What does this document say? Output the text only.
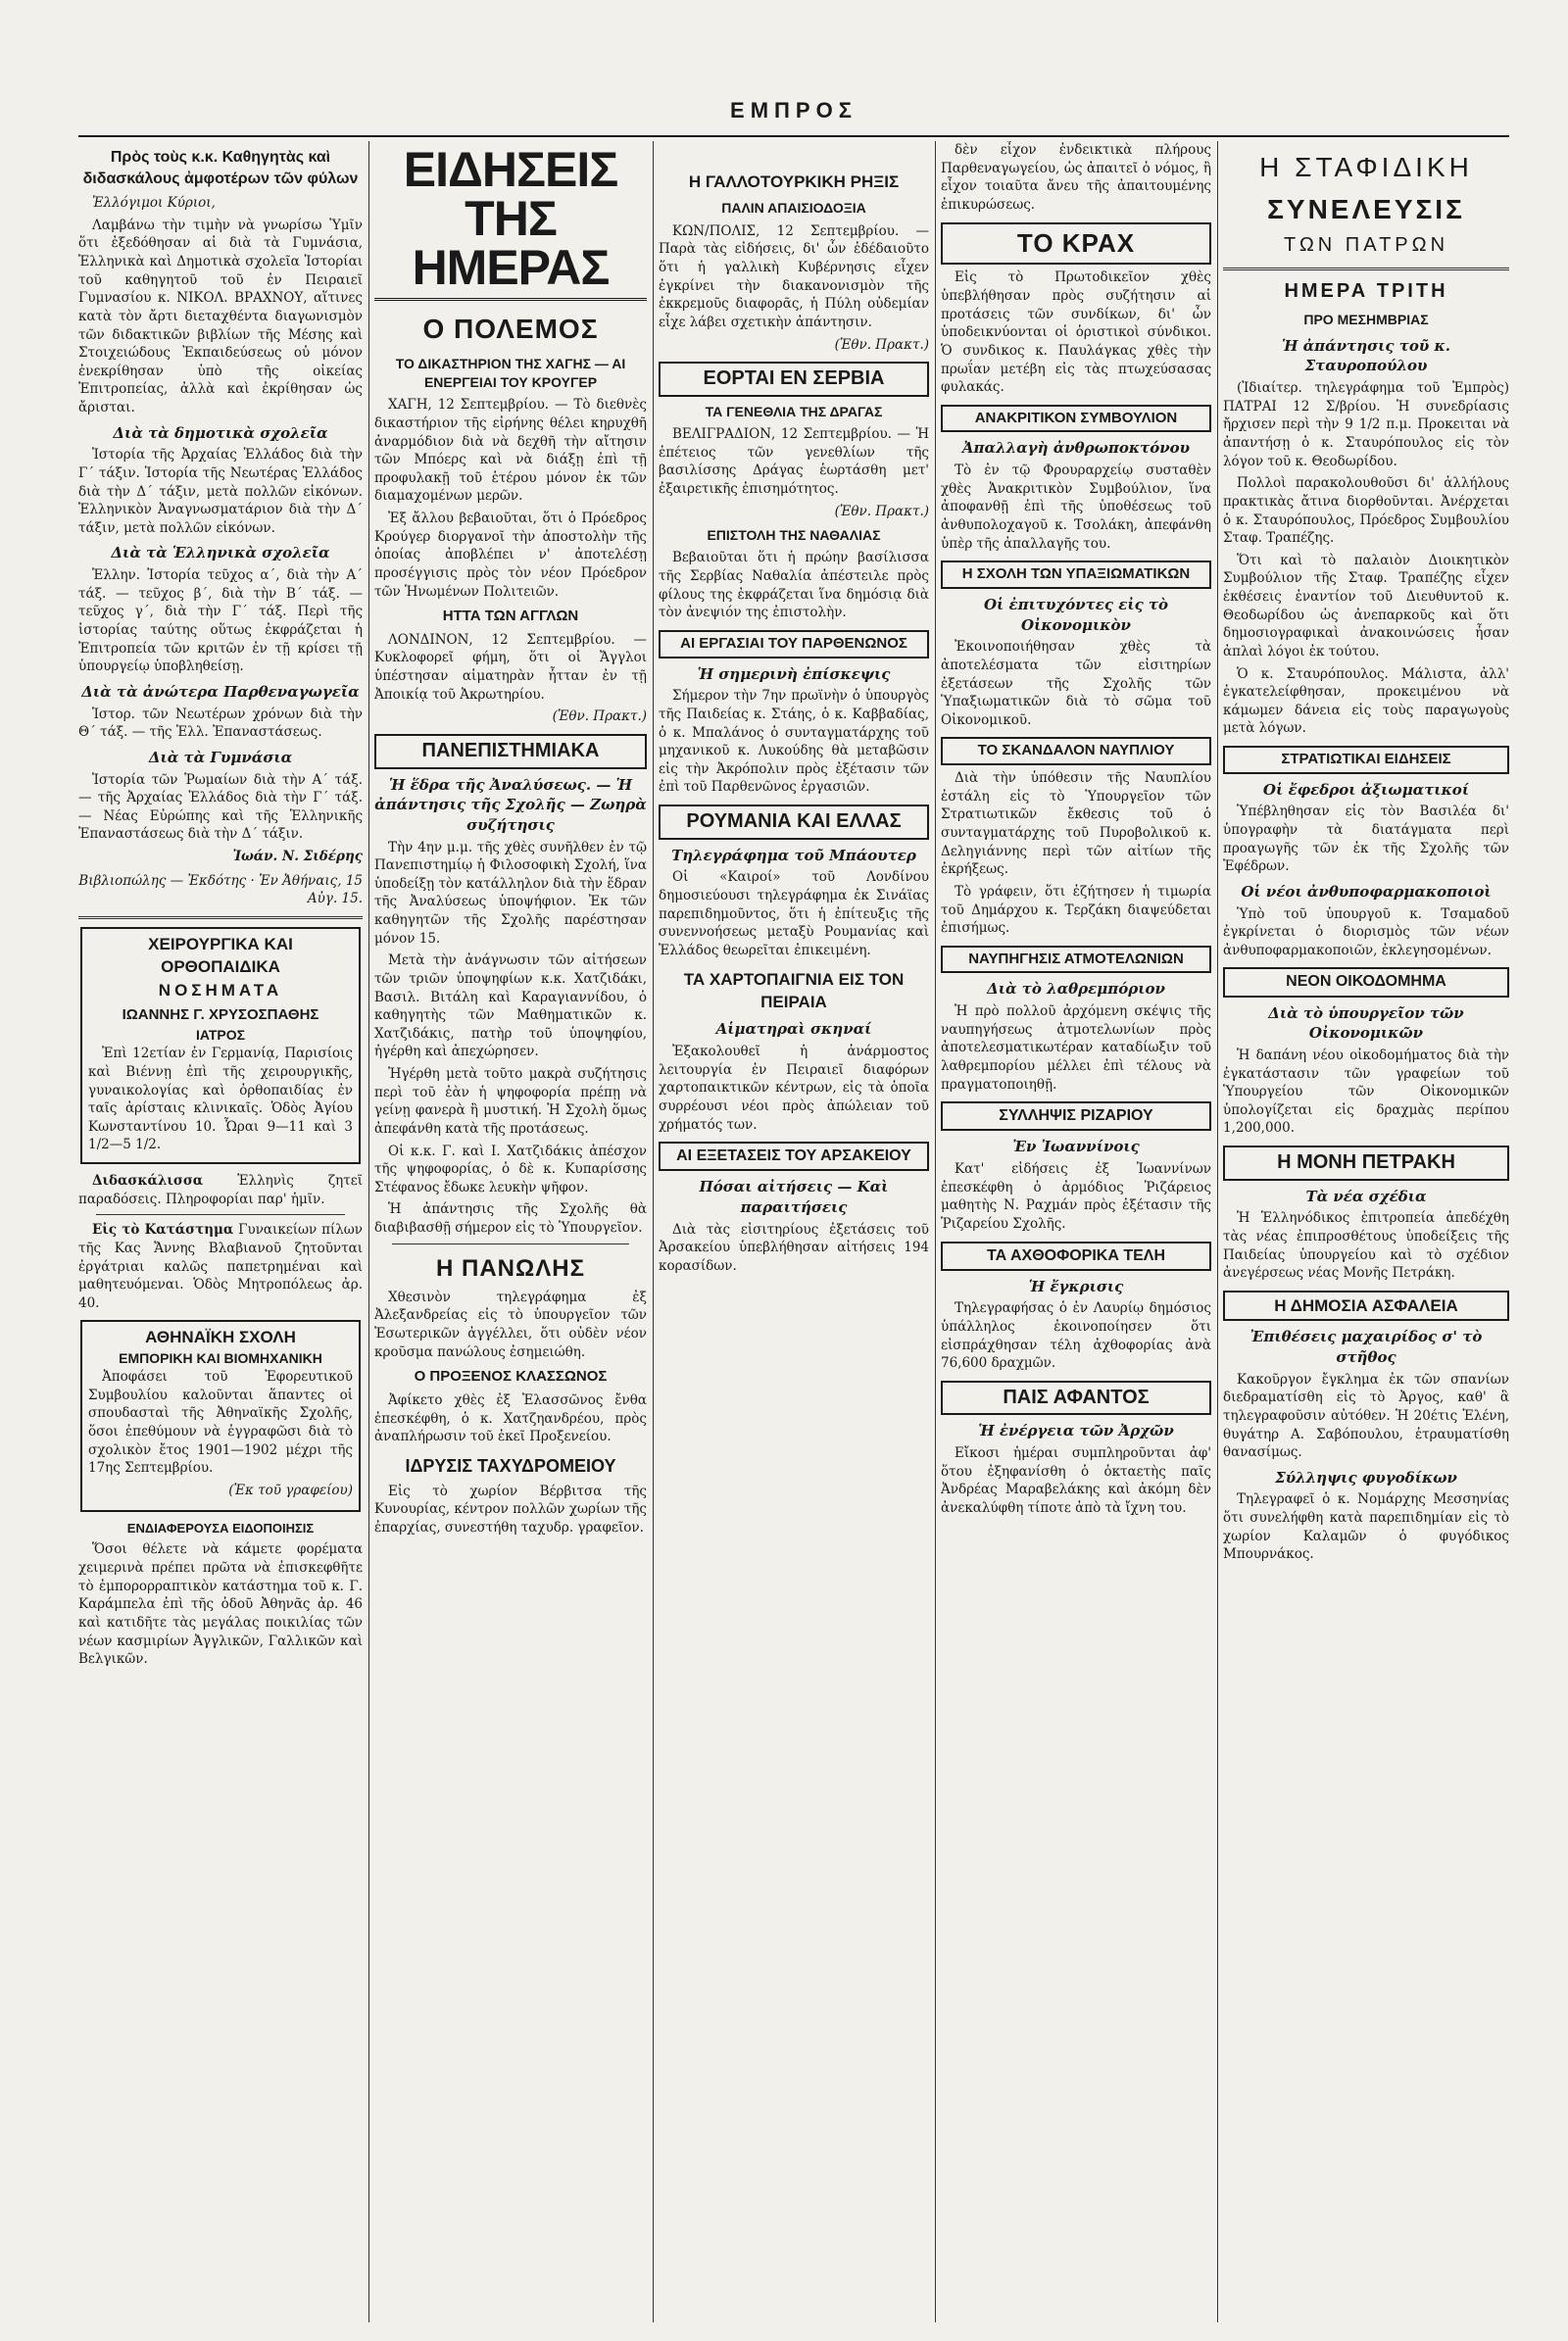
ΕΜΠΡΟΣ
Πρὸς τοὺς κ.κ. Καθηγητὰς καὶ διδασκάλους ἀμφοτέρων τῶν φύλων

Ἐλλόγιμοι Κύριοι,

Λαμβάνω τὴν τιμὴν νὰ γνωρίσω Ὑμῖν ὅτι ἐξεδόθησαν αἱ διὰ τὰ Γυμνάσια, Ἑλληνικὰ καὶ Δημοτικὰ σχολεῖα Ἱστορίαι τοῦ καθηγητοῦ τοῦ ἐν Πειραιεῖ Γυμνασίου κ. ΝΙΚΟΛ. ΒΡΑΧΝΟΥ, αἵτινες κατὰ τὸν ἄρτι διεταχθέντα διαγωνισμὸν τῶν διδακτικῶν βιβλίων τῆς Μέσης καὶ Στοιχειώδους Ἐκπαιδεύσεως οὐ μόνον ἐνεκρίθησαν ὑπὸ τῆς οἰκείας Ἐπιτροπείας, ἀλλὰ καὶ ἐκρίθησαν ὡς ἄρισται.

Διὰ τὰ δημοτικὰ σχολεῖα

Ἱστορία τῆς Ἀρχαίας Ἑλλάδος διὰ τὴν Γ΄ τάξιν. Ἱστορία τῆς Νεωτέρας Ἑλλάδος διὰ τὴν Δ΄ τάξιν, μετὰ πολλῶν εἰκόνων. Ἑλληνικὸν Ἀναγνωσματάριον διὰ τὴν Δ΄ τάξιν, μετὰ πολλῶν εἰκόνων.

Διὰ τὰ Ἑλληνικὰ σχολεῖα

Ἑλλην. Ἱστορία τεῦχος α΄, διὰ τὴν Α΄ τάξ. — τεῦχος β΄, διὰ τὴν Β΄ τάξ. — τεῦχος γ΄, διὰ τὴν Γ΄ τάξ. Περὶ τῆς ἱστορίας ταύτης οὕτως ἐκφράζεται ἡ Ἐπιτροπεία τῶν κριτῶν ἐν τῇ κρίσει τῇ ὑπουργείῳ ὑποβληθείσῃ.

Διὰ τὰ ἀνώτερα Παρθεναγωγεῖα

Ἱστορ. τῶν Νεωτέρων χρόνων διὰ τὴν Θ΄ τάξ. — τῆς Ἑλλ. Ἐπαναστάσεως.

Διὰ τὰ Γυμνάσια

Ἱστορία τῶν Ῥωμαίων διὰ τὴν Α΄ τάξ. — τῆς Ἀρχαίας Ἑλλάδος διὰ τὴν Γ΄ τάξ. — Νέας Εὐρώπης καὶ τῆς Ἑλληνικῆς Ἐπαναστάσεως διὰ τὴν Δ΄ τάξιν.

Ἰωάν. Ν. Σιδέρης
Βιβλιοπώλης — Ἐκδότης · Ἐν Ἀθήναις, 15 Αὐγ. 15.
ΧΕΙΡΟΥΡΓΙΚΑ ΚΑΙ ΟΡΘΟΠΑΙΔΙΚΑ
ΝΟΣΗΜΑΤΑ
ΙΩΑΝΝΗΣ Γ. ΧΡΥΣΟΣΠΑΘΗΣ
ΙΑΤΡΟΣ

Ἐπὶ 12ετίαν ἐν Γερμανίᾳ, Παρισίοις καὶ Βιέννῃ ἐπὶ τῆς χειρουργικῆς, γυναικολογίας καὶ ὀρθοπαιδίας ἐν ταῖς ἀρίσταις κλινικαῖς. Ὁδὸς Ἀγίου Κωνσταντίνου 10. Ὧραι 9—11 καὶ 3 1/2—5 1/2.

Διδασκάλισσα	Ἑλληνὶς ζητεῖ παραδόσεις. Πληροφορίαι παρ' ἡμῖν.

Εἰς τὸ Κατάστημα Γυναικείων πίλων τῆς Κας Ἄννης Βλαβιανοῦ ζητοῦνται ἐργάτριαι καλῶς παπετρημέναι καὶ μαθητευόμεναι. Ὁδὸς Μητροπόλεως ἀρ. 40.

ΑΘΗΝΑΪΚΗ ΣΧΟΛΗ
ΕΜΠΟΡΙΚΗ ΚΑΙ ΒΙΟΜΗΧΑΝΙΚΗ

Ἀποφάσει τοῦ Ἐφορευτικοῦ Συμβουλίου καλοῦνται ἅπαντες οἱ σπουδασταὶ τῆς Ἀθηναϊκῆς Σχολῆς, ὅσοι ἐπεθύμουν νὰ ἐγγραφῶσι διὰ τὸ σχολικὸν ἔτος 1901—1902 μέχρι τῆς 17ης Σεπτεμβρίου.

(Ἐκ τοῦ γραφείου)
ΕΝΔΙΑΦΕΡΟΥΣΑ ΕΙΔΟΠΟΙΗΣΙΣ

Ὅσοι θέλετε νὰ κάμετε φορέματα χειμερινὰ πρέπει πρῶτα νὰ ἐπισκεφθῆτε τὸ ἐμπορορραπτικὸν κατάστημα τοῦ κ. Γ. Καράμπελα ἐπὶ τῆς ὁδοῦ Ἀθηνᾶς ἀρ. 46 καὶ κατιδῆτε τὰς μεγάλας ποικιλίας τῶν νέων κασμιρίων Ἀγγλικῶν, Γαλλικῶν καὶ Βελγικῶν.

ΕΙΔΗΣΕΙΣ ΤΗΣ ΗΜΕΡΑΣ
Ο ΠΟΛΕΜΟΣ
ΤΟ ΔΙΚΑΣΤΗΡΙΟΝ ΤΗΣ ΧΑΓΗΣ — ΑΙ ΕΝΕΡΓΕΙΑΙ ΤΟΥ ΚΡΟΥΓΕΡ

ΧΑΓΗ, 12 Σεπτεμβρίου. — Τὸ διεθνὲς δικαστήριον τῆς εἰρήνης θέλει κηρυχθῆ ἀναρμόδιον διὰ νὰ δεχθῆ τὴν αἴτησιν τῶν Μπόερς καὶ νὰ διάξῃ ἐπὶ τῇ προφυλακῇ τοῦ ἑτέρου μόνον ἐκ τῶν διαμαχομένων μερῶν.

Ἐξ ἄλλου βεβαιοῦται, ὅτι ὁ Πρόεδρος Κρούγερ διοργανοῖ τὴν ἀποστολὴν τῆς ὁποίας ἀποβλέπει ν' ἀποτελέσῃ προσέγγισις πρὸς τὸν νέον Πρόεδρον τῶν Ἡνωμένων Πολιτειῶν.

ΗΤΤΑ ΤΩΝ ΑΓΓΛΩΝ

ΛΟΝΔΙΝΟΝ, 12 Σεπτεμβρίου. — Κυκλοφορεῖ φήμη, ὅτι οἱ Ἄγγλοι ὑπέστησαν αἱματηρὰν ἧτταν ἐν τῇ Ἀποικίᾳ τοῦ Ἀκρωτηρίου.

(Ἐθν. Πρακτ.)
ΠΑΝΕΠΙΣΤΗΜΙΑΚΑ
Ἡ ἕδρα τῆς Ἀναλύσεως. — Ἡ ἀπάντησις τῆς Σχολῆς — Ζωηρὰ συζήτησις

Τὴν 4ην μ.μ. τῆς χθὲς συνῆλθεν ἐν τῷ Πανεπιστημίῳ ἡ Φιλοσοφικὴ Σχολή, ἵνα ὑποδείξῃ τὸν κατάλληλον διὰ τὴν ἕδραν τῆς Ἀναλύσεως ὑποψήφιον. Ἐκ τῶν καθηγητῶν τῆς Σχολῆς παρέστησαν μόνον 15.

Μετὰ τὴν ἀνάγνωσιν τῶν αἰτήσεων τῶν τριῶν ὑποψηφίων κ.κ. Χατζιδάκι, Βασιλ. Βιτάλη καὶ Καραγιαννίδου, ὁ καθηγητὴς τῶν Μαθηματικῶν κ. Χατζιδάκις, πατὴρ τοῦ ὑποψηφίου, ἠγέρθη καὶ ἀπεχώρησεν.

Ἠγέρθη μετὰ τοῦτο μακρὰ συζήτησις περὶ τοῦ ἐὰν ἡ ψηφοφορία πρέπῃ νὰ γείνῃ φανερὰ ἢ μυστική. Ἡ Σχολὴ ὅμως ἀπεφάνθη κατὰ τῆς προτάσεως.

Οἱ κ.κ. Γ. καὶ Ι. Χατζιδάκις ἀπέσχον τῆς ψηφοφορίας, ὁ δὲ κ. Κυπαρίσσης Στέφανος ἔδωκε λευκὴν ψῆφον.

Ἡ ἀπάντησις τῆς Σχολῆς θὰ διαβιβασθῇ σήμερον εἰς τὸ Ὑπουργεῖον.

Η ΠΑΝΩΛΗΣ

Χθεσινὸν τηλεγράφημα ἐξ Ἀλεξανδρείας εἰς τὸ ὑπουργεῖον τῶν Ἐσωτερικῶν ἀγγέλλει, ὅτι οὐδὲν νέον κροῦσμα πανώλους ἐσημειώθη.

Ο ΠΡΟΞΕΝΟΣ ΚΛΑΣΣΩΝΟΣ

Ἀφίκετο χθὲς ἐξ Ἐλασσῶνος ἔνθα ἐπεσκέφθη, ὁ κ. Χατζηανδρέου, πρὸς ἀναπλήρωσιν τοῦ ἐκεῖ Προξενείου.

ΙΔΡΥΣΙΣ ΤΑΧΥΔΡΟΜΕΙΟΥ

Εἰς τὸ χωρίον Βέρβιτσα τῆς Κυνουρίας, κέντρον πολλῶν χωρίων τῆς ἐπαρχίας, συνεστήθη ταχυδρ. γραφεῖον.

Η ΓΑΛΛΟΤΟΥΡΚΙΚΗ ΡΗΞΙΣ
ΠΑΛΙΝ ΑΠΑΙΣΙΟΔΟΞΙΑ

ΚΩΝ/ΠΟΛΙΣ, 12 Σεπτεμβρίου. — Παρὰ τὰς εἰδήσεις, δι' ὧν ἐδέδαιοῦτο ὅτι ἡ γαλλικὴ Κυβέρνησις εἶχεν ἐγκρίνει τὴν διακανονισμὸν τῆς ἐκκρεμοῦς διαφορᾶς, ἡ Πύλη οὐδεμίαν εἶχε λάβει σχετικὴν ἀπάντησιν.

(Ἐθν. Πρακτ.)
ΕΟΡΤΑΙ ΕΝ ΣΕΡΒΙΑ
ΤΑ ΓΕΝΕΘΛΙΑ ΤΗΣ ΔΡΑΓΑΣ

ΒΕΛΙΓΡΑΔΙΟΝ, 12 Σεπτεμβρίου. — Ἡ ἐπέτειος τῶν γενεθλίων τῆς βασιλίσσης Δράγας ἑωρτάσθη μετ' ἐξαιρετικῆς ἐπισημότητος.

(Ἐθν. Πρακτ.)
ΕΠΙΣΤΟΛΗ ΤΗΣ ΝΑΘΑΛΙΑΣ

Βεβαιοῦται ὅτι ἡ πρώην βασίλισσα τῆς Σερβίας Ναθαλία ἀπέστειλε πρὸς φίλους της ἐκφράζεται ἵνα δημόσιᾳ διὰ τὸν ἀνεψιόν της ἐπιστολὴν.

ΑΙ ΕΡΓΑΣΙΑΙ ΤΟΥ ΠΑΡΘΕΝΩΝΟΣ
Ἡ σημερινὴ ἐπίσκεψις

Σήμερον τὴν 7ην πρωϊνὴν ὁ ὑπουργὸς τῆς Παιδείας κ. Στάης, ὁ κ. Καββαδίας, ὁ κ. Μπαλάνος ὁ συνταγματάρχης τοῦ μηχανικοῦ κ. Λυκούδης θὰ μεταβῶσιν εἰς τὴν Ἀκρόπολιν πρὸς ἐξέτασιν τῶν ἐπὶ τοῦ Παρθενῶνος ἐργασιῶν.

ΡΟΥΜΑΝΙΑ ΚΑΙ ΕΛΛΑΣ
Τηλεγράφημα τοῦ Μπάουτερ

Οἱ «Καιροί» τοῦ Λονδίνου δημοσιεύουσι τηλεγράφημα ἐκ Σινάϊας παρεπιδημοῦντος, ὅτι ἡ ἐπίτευξις τῆς συνεννοήσεως μεταξὺ Ρουμανίας καὶ Ἑλλάδος θεωρεῖται ἐπικειμένη.

ΤΑ ΧΑΡΤΟΠΑΙΓΝΙΑ ΕΙΣ ΤΟΝ ΠΕΙΡΑΙΑ
Αἱματηραὶ σκηναί

Ἐξακολουθεῖ ἡ ἀνάρμοστος λειτουργία ἐν Πειραιεῖ διαφόρων χαρτοπαικτικῶν κέντρων, εἰς τὰ ὁποῖα συρρέουσι νέοι πρὸς ἀπώλειαν τοῦ χρήματός των.

ΑΙ ΕΞΕΤΑΣΕΙΣ ΤΟΥ ΑΡΣΑΚΕΙΟΥ
Πόσαι αἰτήσεις — Καὶ παραιτήσεις

Διὰ τὰς εἰσιτηρίους ἐξετάσεις τοῦ Ἀρσακείου ὑπεβλήθησαν αἰτήσεις 194 κορασίδων.

δὲν εἶχον ἐνδεικτικὰ πλήρους Παρθεναγωγείου, ὡς ἀπαιτεῖ ὁ νόμος, ἢ εἶχον τοιαῦτα ἄνευ τῆς ἀπαιτουμένης ἐπικυρώσεως.

ΤΟ ΚΡΑΧ

Εἰς τὸ Πρωτοδικεῖον χθὲς ὑπεβλήθησαν πρὸς συζήτησιν αἱ προτάσεις τῶν συνδίκων, δι' ὧν ὑποδεικνύονται οἱ ὁριστικοὶ σύνδικοι. Ὁ συνδικος κ. Παυλάγκας χθὲς τὴν πρωΐαν μετέβη εἰς τὰς πτωχεύσασας φυλακάς.

ΑΝΑΚΡΙΤΙΚΟΝ ΣΥΜΒΟΥΛΙΟΝ
Ἀπαλλαγὴ ἀνθρωποκτόνου

Τὸ ἐν τῷ Φρουραρχείῳ συσταθὲν χθὲς Ἀνακριτικὸν Συμβούλιον, ἵνα ἀποφανθῇ ἐπὶ τῆς ὑποθέσεως τοῦ ἀνθυπολοχαγοῦ κ. Τσολάκη, ἀπεφάνθη ὑπὲρ τῆς ἀπαλλαγῆς του.

Η ΣΧΟΛΗ ΤΩΝ ΥΠΑΞΙΩΜΑΤΙΚΩΝ
Οἱ ἐπιτυχόντες εἰς τὸ Οἰκονομικὸν

Ἐκοινοποιήθησαν χθὲς τὰ ἀποτελέσματα τῶν εἰσιτηρίων ἐξετάσεων τῆς Σχολῆς τῶν Ὑπαξιωματικῶν διὰ τὸ σῶμα τοῦ Οἰκονομικοῦ.

ΤΟ ΣΚΑΝΔΑΛΟΝ ΝΑΥΠΛΙΟΥ

Διὰ τὴν ὑπόθεσιν τῆς Ναυπλίου ἐστάλη εἰς τὸ Ὑπουργεῖον τῶν Στρατιωτικῶν ἔκθεσις τοῦ ὁ συνταγματάρχης τοῦ Πυροβολικοῦ κ. Δεληγιάννης περὶ τῶν αἰτίων τῆς ἐκρήξεως.

Τὸ γράφειν, ὅτι ἐζήτησεν ἡ τιμωρία τοῦ Δημάρχου κ. Τερζάκη διαψεύδεται ἐπισήμως.

ΝΑΥΠΗΓΗΣΙΣ ΑΤΜΟΤΕΛΩΝΙΩΝ
Διὰ τὸ λαθρεμπόριον

Ἡ πρὸ πολλοῦ ἀρχόμενη σκέψις τῆς ναυπηγήσεως ἀτμοτελωνίων πρὸς ἀποτελεσματικωτέραν καταδίωξιν τοῦ λαθρεμπορίου μέλλει ἐπὶ τέλους νὰ πραγματοποιηθῇ.

ΣΥΛΛΗΨΙΣ ΡΙΖΑΡΙΟΥ
Ἐν Ἰωαννίνοις

Κατ' εἰδήσεις ἐξ Ἰωαννίνων ἐπεσκέφθη ὁ ἀρμόδιος Ῥιζάρειος μαθητὴς Ν. Ραχμάν πρὸς ἐξέτασιν τῆς Ῥιζαρείου Σχολῆς.

ΤΑ ΑΧΘΟΦΟΡΙΚΑ ΤΕΛΗ
Ἡ ἔγκρισις

Τηλεγραφήσας ὁ ἐν Λαυρίῳ δημόσιος ὑπάλληλος ἐκοινοποίησεν ὅτι εἰσπράχθησαν τέλη ἀχθοφορίας ἀνὰ 76,600 δραχμῶν.

ΠΑΙΣ ΑΦΑΝΤΟΣ
Ἡ ἐνέργεια τῶν Ἀρχῶν

Εἴκοσι ἡμέραι συμπληροῦνται ἀφ' ὅτου ἐξηφανίσθη ὁ ὀκταετὴς παῖς Ἀνδρέας Μαραβελάκης καὶ ἀκόμη δὲν ἀνεκαλύφθη τίποτε ἀπὸ τὰ ἴχνη του.

Η ΣΤΑΦΙΔΙΚΗ
ΣΥΝΕΛΕΥΣΙΣ
ΤΩΝ ΠΑΤΡΩΝ
ΗΜΕΡΑ ΤΡΙΤΗ
ΠΡΟ ΜΕΣΗΜΒΡΙΑΣ
Ἡ ἀπάντησις τοῦ κ. Σταυροπούλου

(Ἰδιαίτερ. τηλεγράφημα τοῦ Ἐμπρὸς) ΠΑΤΡΑΙ 12 Σ/βρίου. Ἡ συνεδρίασις ἤρχισεν περὶ τὴν 9 1/2 π.μ. Προκειται νὰ ἀπαντήσῃ ὁ κ. Σταυρόπουλος εἰς τὸν λόγον τοῦ κ. Θεοδωρίδου.

Πολλοὶ παρακολουθοῦσι δι' ἀλλήλους πρακτικὰς ἄτινα διορθοῦνται. Ἀνέρχεται ὁ κ. Σταυρόπουλος, Πρόεδρος Συμβουλίου Σταφ. Τραπέζης.

Ὅτι καὶ τὸ παλαιὸν Διοικητικὸν Συμβούλιον τῆς Σταφ. Τραπέζης εἶχεν ἐκθέσεις ἐναντίον τοῦ Διευθυντοῦ κ. Θεοδωρίδου ὡς ἀνεπαρκοῦς καὶ ὅτι δημοσιογραφικαὶ ἀνακοινώσεις ἦσαν ἀπλαὶ λόγοι ἐκ τούτου.

Ὁ κ. Σταυρόπουλος. Μάλιστα, ἀλλ' ἐγκατελείφθησαν, προκειμένου νὰ κάμωμεν δάνεια εἰς τοὺς παραγωγοὺς μετὰ λόγων.

ΣΤΡΑΤΙΩΤΙΚΑΙ ΕΙΔΗΣΕΙΣ
Οἱ ἔφεδροι ἀξιωματικοί

Ὑπέβληθησαν εἰς τὸν Βασιλέα δι' ὑπογραφὴν τὰ διατάγματα περὶ προαγωγῆς τῶν ἐκ τῆς Σχολῆς τῶν Ἐφέδρων.

Οἱ νέοι ἀνθυποφαρμακοποιοὶ

Ὑπὸ τοῦ ὑπουργοῦ κ. Τσαμαδοῦ ἐγκρίνεται ὁ διορισμὸς τῶν νέων ἀνθυποφαρμακοποιῶν, ἐκλεγησομένων.

ΝΕΟΝ ΟΙΚΟΔΟΜΗΜΑ
Διὰ τὸ ὑπουργεῖον τῶν Οἰκονομικῶν

Ἡ δαπάνη νέου οἰκοδομήματος διὰ τὴν ἐγκατάστασιν τῶν γραφείων τοῦ Ὑπουργείου τῶν Οἰκονομικῶν ὑπολογίζεται εἰς δραχμὰς περίπου 1,200,000.

Η ΜΟΝΗ ΠΕΤΡΑΚΗ
Τὰ νέα σχέδια

Ἡ Ἑλληνόδικος ἐπιτροπεία ἀπεδέχθη τὰς νέας ἐπιπροσθέτους ὑποδείξεις τῆς Παιδείας ὑπουργείου καὶ τὸ σχέδιον ἀνεγέρσεως νέας Μονῆς Πετράκη.

Η ΔΗΜΟΣΙΑ ΑΣΦΑΛΕΙΑ
Ἐπιθέσεις μαχαιρίδος σ' τὸ στῆθος

Κακοῦργον ἔγκλημα ἐκ τῶν σπανίων διεδραματίσθη εἰς τὸ Ἀργος, καθ' ἃ τηλεγραφοῦσιν αὐτόθεν. Ἡ 20έτις Ἑλένη, θυγάτηρ Α. Σαβόπουλου, ἐτραυματίσθη θανασίμως.

Σύλληψις φυγοδίκων

Τηλεγραφεῖ ὁ κ. Νομάρχης Μεσσηνίας ὅτι συνελήφθη κατὰ παρεπιδημίαν εἰς τὸ χωρίον Καλαμῶν ὁ φυγόδικος Μπουρνάκος.
